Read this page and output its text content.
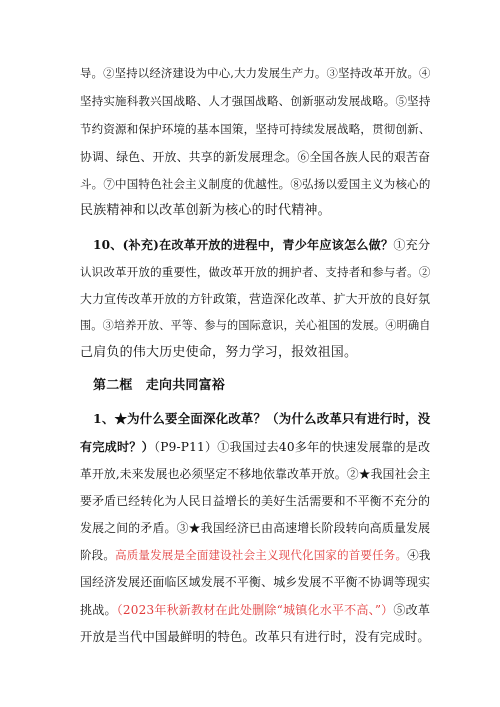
导。②坚持以经济建设为中心,大力发展生产力。③坚持改革开放。④
坚持实施科教兴国战略、人才强国战略、创新驱动发展战略。⑤坚持
节约资源和保护环境的基本国策，坚持可持续发展战略，贯彻创新、
协调、绿色、开放、共享的新发展理念。⑥全国各族人民的艰苦奋
斗。⑦中国特色社会主义制度的优越性。⑧弘扬以爱国主义为核心的
民族精神和以改革创新为核心的时代精神。
10、(补充)在改革开放的进程中，青少年应该怎么做？①充分
认识改革开放的重要性，做改革开放的拥护者、支持者和参与者。②
大力宣传改革开放的方针政策，营造深化改革、扩大开放的良好氛
围。③培养开放、平等、参与的国际意识，关心祖国的发展。④明确自
己肩负的伟大历史使命，努力学习，报效祖国。
第二框　走向共同富裕
1、★为什么要全面深化改革？（为什么改革只有进行时，没
有完成时？）（P9-P11）①我国过去40多年的快速发展靠的是改
革开放,未来发展也必须坚定不移地依靠改革开放。②★我国社会主
要矛盾已经转化为人民日益增长的美好生活需要和不平衡不充分的
发展之间的矛盾。③★我国经济已由高速增长阶段转向高质量发展
阶段。高质量发展是全面建设社会主义现代化国家的首要任务。④我
国经济发展还面临区域发展不平衡、城乡发展不平衡不协调等现实
挑战。（2023年秋新教材在此处删除“城镇化水平不高、”）⑤改革
开放是当代中国最鲜明的特色。改革只有进行时，没有完成时。
